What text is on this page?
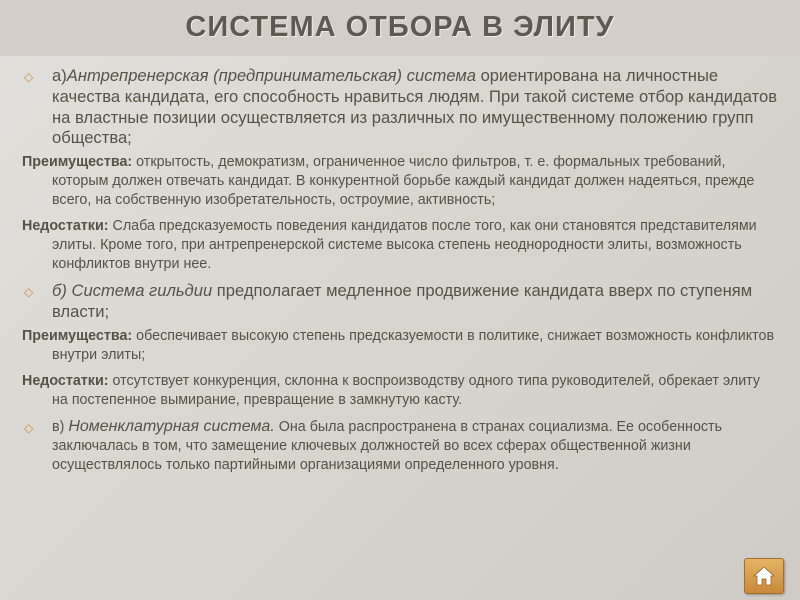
СИСТЕМА ОТБОРА В ЭЛИТУ

◇ а)Антрепренерская (предпринимательская) система ориентирована на личностные качества кандидата, его способность нравиться людям. При такой системе отбор кандидатов на властные позиции осуществляется из различных по имущественному положению групп общества;

Преимущества: открытость, демократизм, ограниченное число фильтров, т. е. формальных требований, которым должен отвечать кандидат. В конкурентной борьбе каждый кандидат должен надеяться, прежде всего, на собственную изобретательность, остроумие, активность;

Недостатки: Слаба предсказуемость поведения кандидатов после того, как они становятся представителями элиты. Кроме того, при антрепренерской системе высока степень неоднородности элиты, возможность конфликтов внутри нее.

◇ б) Система гильдии предполагает медленное продвижение кандидата вверх по ступеням власти;

Преимущества: обеспечивает высокую степень предсказуемости в политике, снижает возможность конфликтов внутри элиты;

Недостатки: отсутствует конкуренция, склонна к воспроизводству одного типа руководителей, обрекает элиту на постепенное вымирание, превращение в замкнутую касту.

◇ в) Номенклатурная система. Она была распространена в странах социализма. Ее особенность заключалась в том, что замещение ключевых должностей во всех сферах общественной жизни осуществлялось только партийными организациями определенного уровня.
